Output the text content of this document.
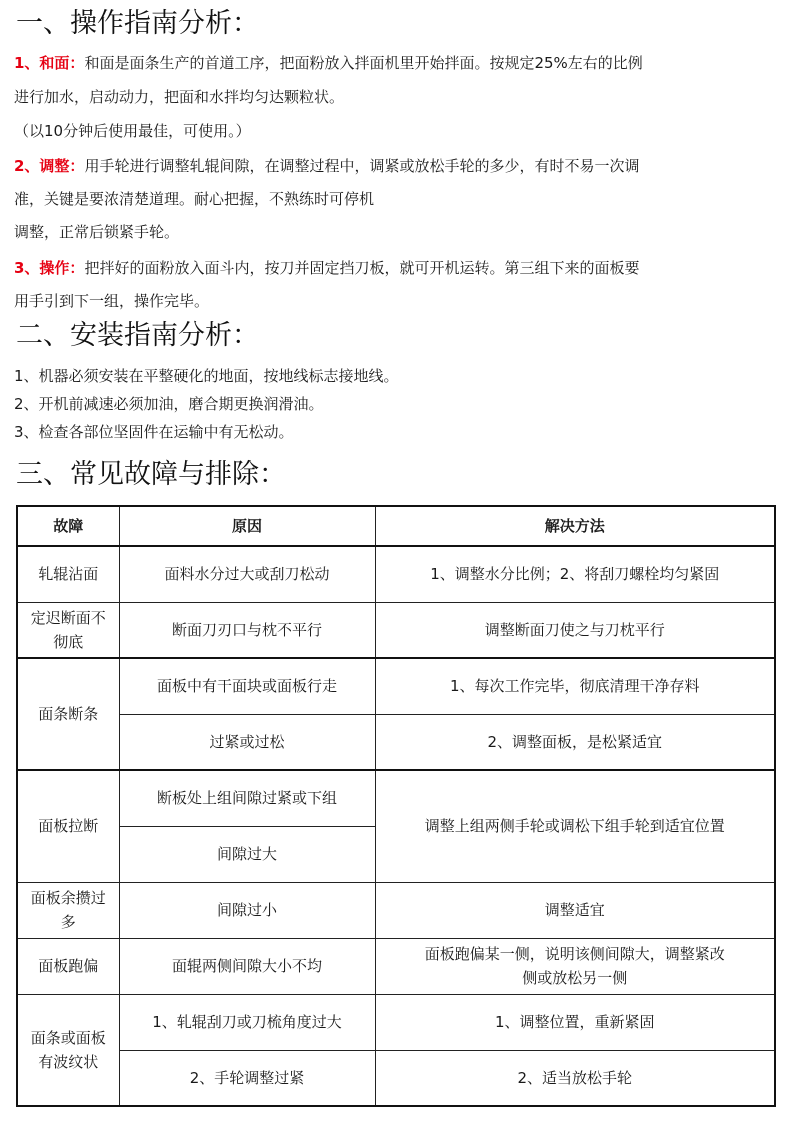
一、操作指南分析：
1、和面：和面是面条生产的首道工序，把面粉放入拌面机里开始拌面。按规定25%左右的比例
进行加水，启动动力，把面和水拌均匀达颗粒状。
（以10分钟后使用最佳，可使用。）
2、调整：用手轮进行调整轧辊间隙，在调整过程中，调紧或放松手轮的多少，有时不易一次调
准，关键是要浓清楚道理。耐心把握，不熟练时可停机
调整，正常后锁紧手轮。
3、操作：把拌好的面粉放入面斗内，按刀并固定挡刀板，就可开机运转。第三组下来的面板要
用手引到下一组，操作完毕。
二、安装指南分析：
1、机器必须安装在平整硬化的地面，按地线标志接地线。
2、开机前减速必须加油，磨合期更换润滑油。
3、检查各部位坚固件在运输中有无松动。
三、常见故障与排除：
故障	原因	解决方法
轧辊沾面	面料水分过大或刮刀松动	1、调整水分比例；2、将刮刀螺栓均匀紧固
定迟断面不
彻底	断面刀刃口与枕不平行	调整断面刀使之与刀枕平行
面条断条	面板中有干面块或面板行走	1、每次工作完毕，彻底清理干净存料
	过紧或过松	2、调整面板，是松紧适宜
面板拉断	断板处上组间隙过紧或下组	调整上组两侧手轮或调松下组手轮到适宜位置
	间隙过大	
面板余攒过
多	间隙过小	调整适宜
面板跑偏	面辊两侧间隙大小不均	面板跑偏某一侧，说明该侧间隙大，调整紧改
侧或放松另一侧
面条或面板
有波纹状	1、轧辊刮刀或刀梳角度过大	1、调整位置，重新紧固
	2、手轮调整过紧	2、适当放松手轮
